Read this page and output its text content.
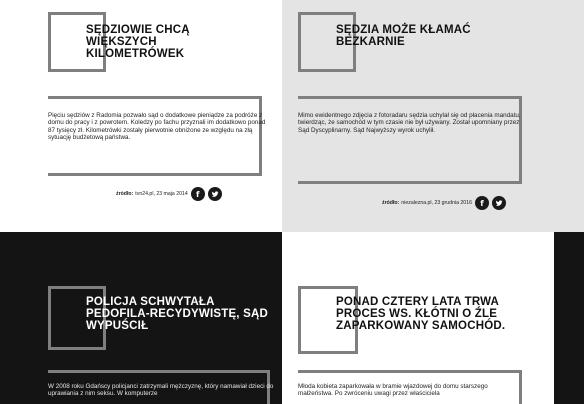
SĘDZIOWIE CHCĄ WIĘKSZYCH KILOMETRÓWEK
Pięciu sędziów z Radomia pozwało sąd o dodatkowe pieniądze za podróże z domu do pracy i z powrotem. Koledzy po fachu przyznali im dodatkowo ponad 87 tysięcy zł. Kilometrówki zostały pierwotnie obniżone ze względu na złą sytuację budżetową państwa.
źródło: tvn24.pl, 23 maja 2014	f
SĘDZIA MOŻE KŁAMAĆ BEZKARNIE
Mimo ewidentnego zdjęcia z fotoradaru sędzia uchylał się od płacenia mandatu, twierdząc, że samochód w tym czasie nie był używany. Został upomniany przez Sąd Dyscyplinarny. Sąd Najwyższy wyrok uchylił.
źródło: niezalezna.pl, 23 grudnia 2016	f
POLICJA SCHWYTAŁA PEDOFILA-RECYDYWISTĘ, SĄD WYPUŚCIŁ
W 2008 roku Gdańscy policjanci zatrzymali mężczyznę, który namawiał dzieci do uprawiania z nim seksu. W komputerze
PONAD CZTERY LATA TRWA PROCES WS. KŁÓTNI O ŹLE ZAPARKOWANY SAMOCHÓD.
Młoda kobieta zaparkowała w bramie wjazdowej do domu starszego małżeństwa. Po zwróceniu uwagi przez właściciela
